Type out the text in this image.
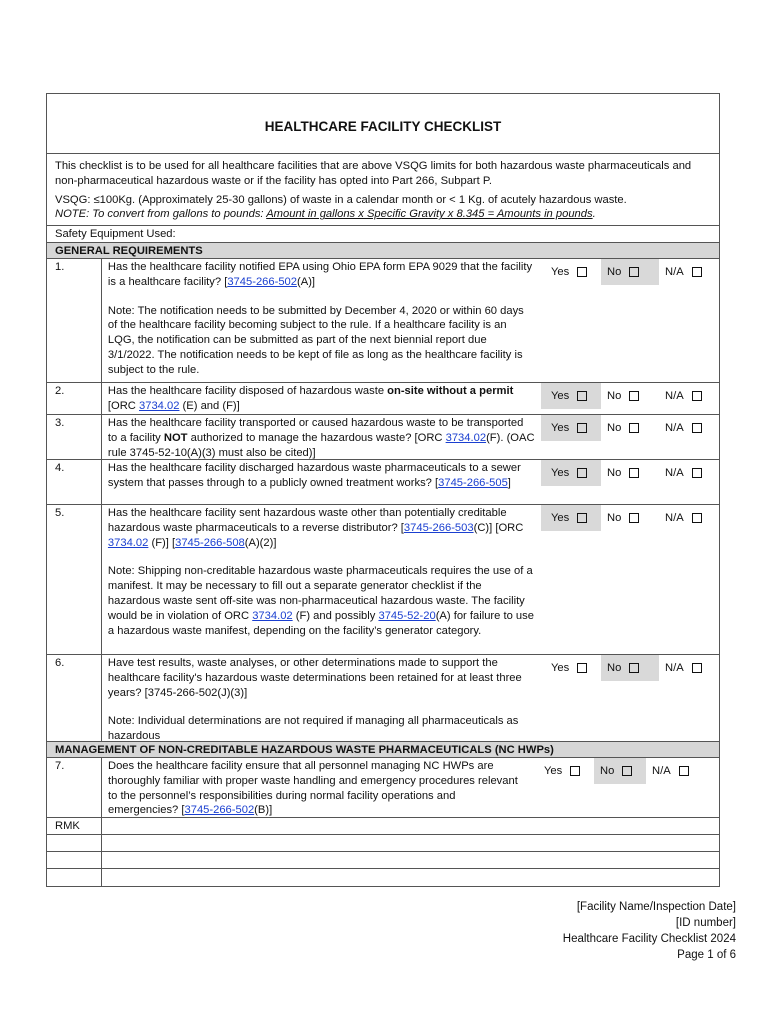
HEALTHCARE FACILITY CHECKLIST

This checklist is to be used for all healthcare facilities that are above VSQG limits for both hazardous waste pharmaceuticals and non-pharmaceutical hazardous waste or if the facility has opted into Part 266, Subpart P.

VSQG: ≤100Kg. (Approximately 25-30 gallons) of waste in a calendar month or < 1 Kg. of acutely hazardous waste.

NOTE: To convert from gallons to pounds: Amount in gallons x Specific Gravity x 8.345 = Amounts in pounds.

Safety Equipment Used:
GENERAL REQUIREMENTS
1.	Has the healthcare facility notified EPA using Ohio EPA form EPA 9029 that the facility is a healthcare facility? [3745-266-502(A)]

Note: The notification needs to be submitted by December 4, 2020 or within 60 days of the healthcare facility becoming subject to the rule. If a healthcare facility is an LQG, the notification can be submitted as part of the next biennial report due 3/1/2022. The notification needs to be kept of file as long as the healthcare facility is subject to the rule.

Yes	No	N/A
2.	Has the healthcare facility disposed of hazardous waste on-site without a permit [ORC 3734.02 (E) and (F)]

Yes	No	N/A
3.	Has the healthcare facility transported or caused hazardous waste to be transported to a facility NOT authorized to manage the hazardous waste? [ORC 3734.02(F). (OAC rule 3745-52-10(A)(3) must also be cited)]

Yes	No	N/A
4.	Has the healthcare facility discharged hazardous waste pharmaceuticals to a sewer system that passes through to a publicly owned treatment works? [3745-266-505]

Yes	No	N/A
5.	Has the healthcare facility sent hazardous waste other than potentially creditable hazardous waste pharmaceuticals to a reverse distributor? [3745-266-503(C)] [ORC 3734.02 (F)] [3745-266-508(A)(2)]

Note: Shipping non-creditable hazardous waste pharmaceuticals requires the use of a manifest. It may be necessary to fill out a separate generator checklist if the hazardous waste sent off-site was non-pharmaceutical hazardous waste. The facility would be in violation of ORC 3734.02 (F) and possibly 3745-52-20(A) for failure to use a hazardous waste manifest, depending on the facility’s generator category.

Yes	No	N/A
6.	Have test results, waste analyses, or other determinations made to support the healthcare facility's hazardous waste determinations been retained for at least three years? [3745-266-502(J)(3)]

Note: Individual determinations are not required if managing all pharmaceuticals as hazardous

Yes	No	N/A
MANAGEMENT OF NON-CREDITABLE HAZARDOUS WASTE PHARMACEUTICALS (NC HWPs)
7.	Does the healthcare facility ensure that all personnel managing NC HWPs are thoroughly familiar with proper waste handling and emergency procedures relevant to the personnel’s responsibilities during normal facility operations and emergencies? [3745-266-502(B)]

Yes	No	N/A
RMK
[Facility Name/Inspection Date]
[ID number]
Healthcare Facility Checklist 2024
Page 1 of 6
